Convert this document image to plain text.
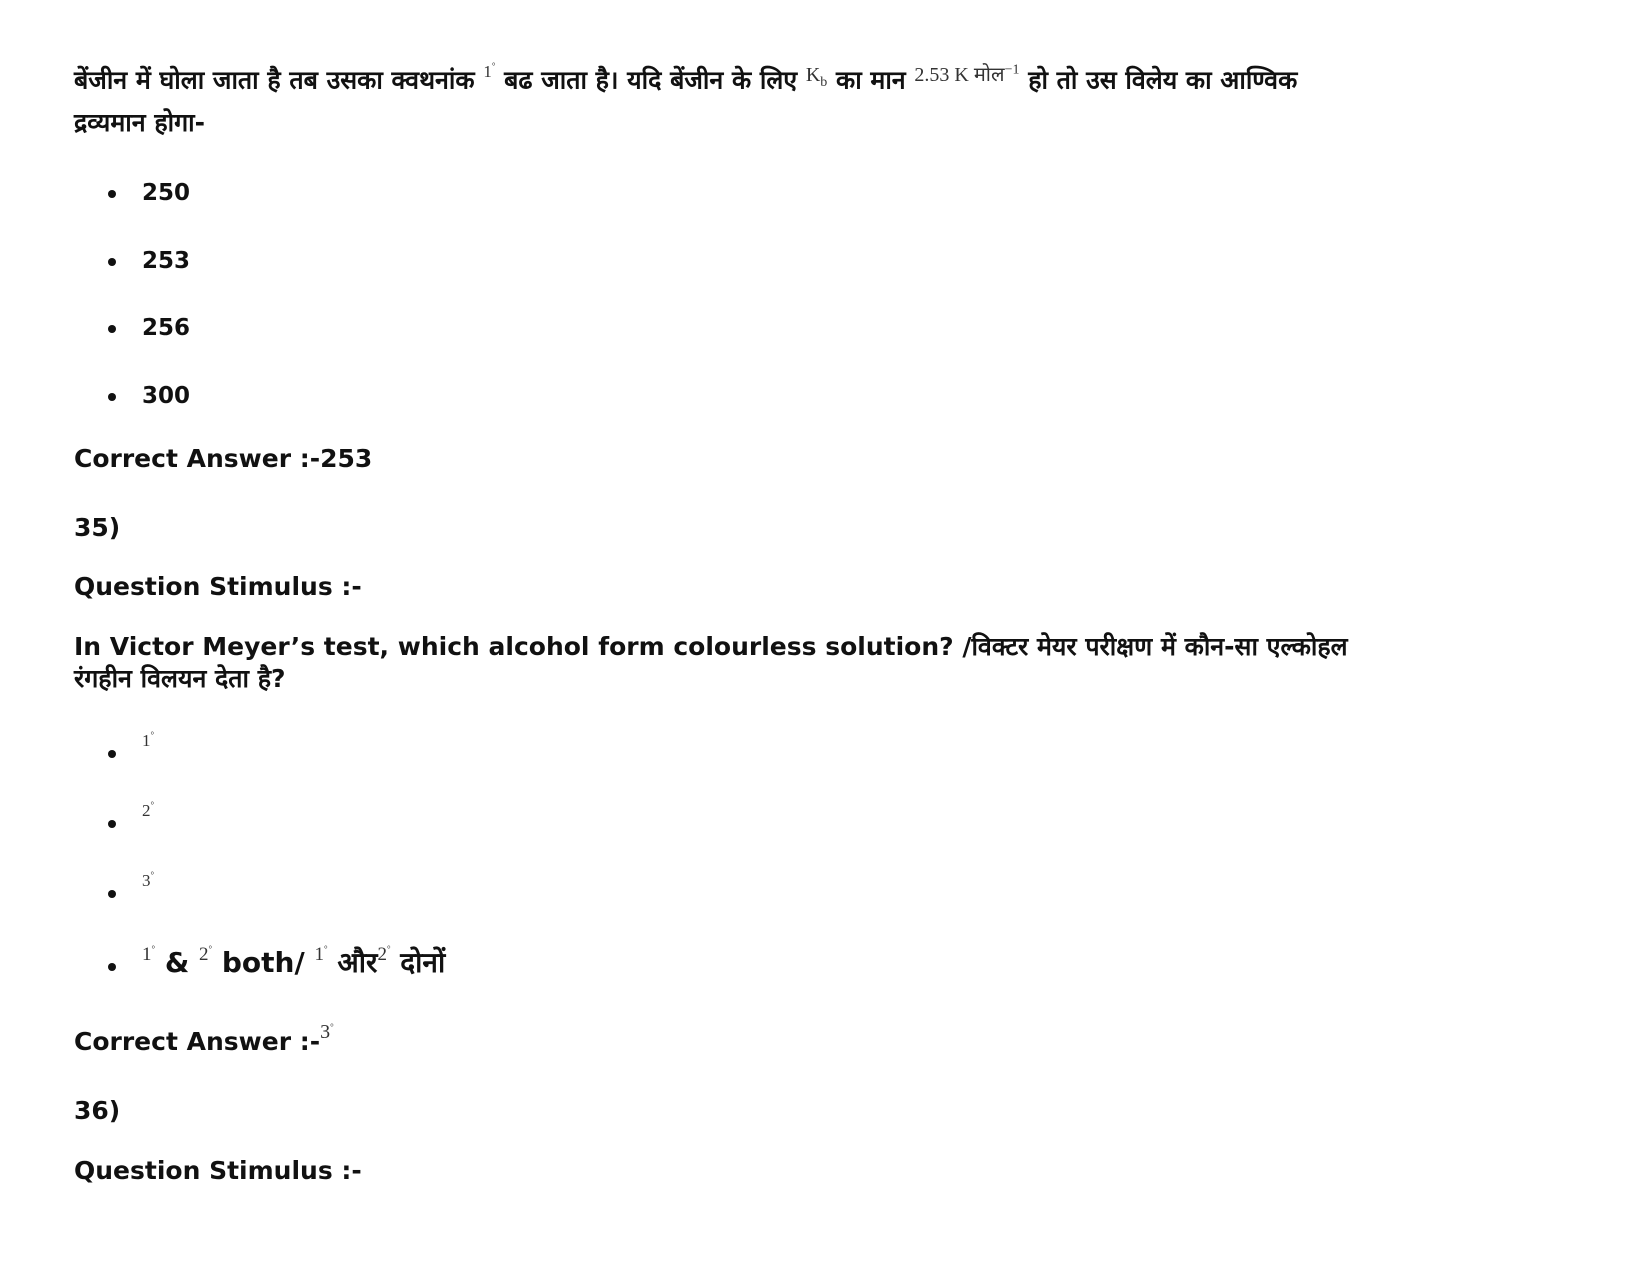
बेंजीन में घोला जाता है तब उसका क्वथनांक $^{1^\circ}$ बढ जाता है। यदि बेंजीन के लिए $^{K_b}$ का मान $^{2.53 K मोल^{-1}}$ हो तो उस विलेय का आण्विक
द्रव्यमान होगा-
250
253
256
300
Correct Answer :-253
35)
Question Stimulus :-
In Victor Meyer’s test, which alcohol form colourless solution? /विक्टर मेयर परीक्षण में कौन-सा एल्कोहल
रंगहीन विलयन देता है?
$^{1^\circ}$
$^{2^\circ}$
$^{3^\circ}$
$^{1^\circ}$ & $^{2^\circ}$ both/ $^{1^\circ}$ और$^{2^\circ}$ दोनों
Correct Answer :-$^{3^\circ}$
36)
Question Stimulus :-
